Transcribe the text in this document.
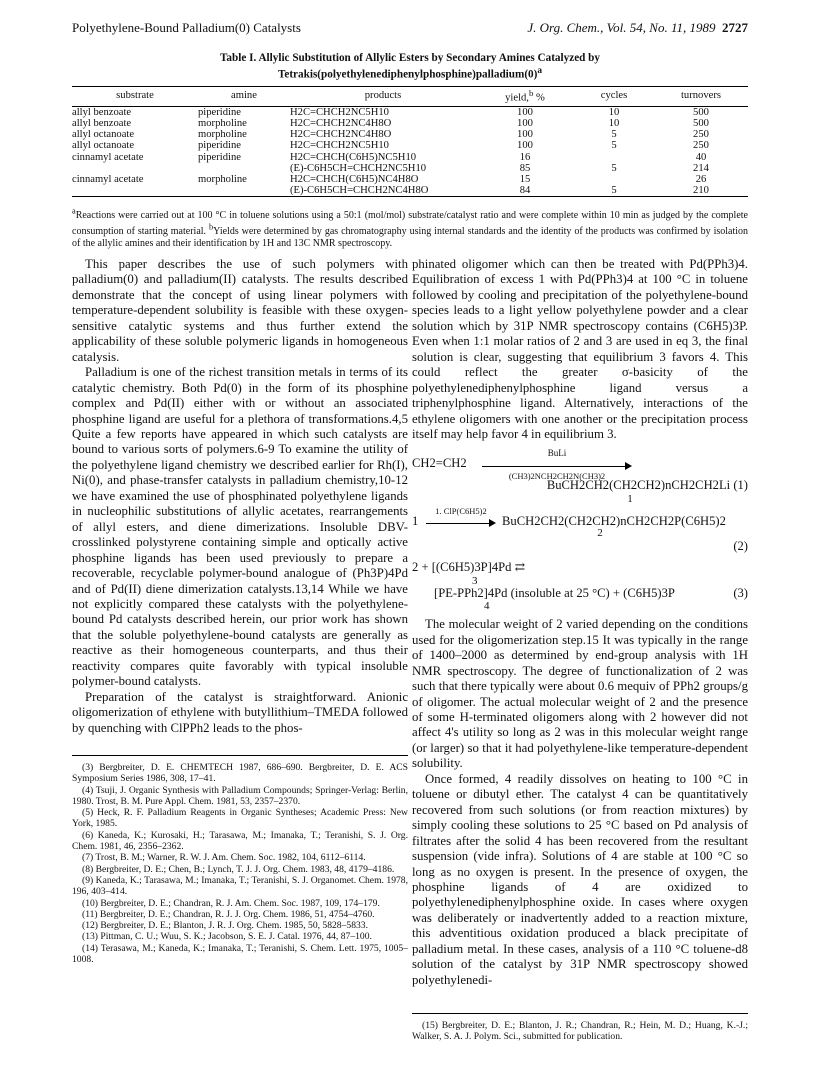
Polyethylene-Bound Palladium(0) Catalysts	J. Org. Chem., Vol. 54, No. 11, 1989 2727
Table I. Allylic Substitution of Allylic Esters by Secondary Amines Catalyzed by
$Tetrakis(polyethylenediphenylphosphine)palladium(0)^a$
substrate	amine	products	yield,$^b$ %	cycles	turnovers
allyl benzoate	piperidine	H2C=CHCH2NC5H10	100	10	500
allyl benzoate	morpholine	H2C=CHCH2NC4H8O	100	10	500
allyl octanoate	morpholine	H2C=CHCH2NC4H8O	100	5	250
allyl octanoate	piperidine	H2C=CHCH2NC5H10	100	5	250
cinnamyl acetate	piperidine	H2C=CHCH(C6H5)NC5H10	16		40
		(E)-C6H5CH=CHCH2NC5H10	85	5	214
cinnamyl acetate	morpholine	H2C=CHCH(C6H5)NC4H8O	15		26
		(E)-C6H5CH=CHCH2NC4H8O	84	5	210
$^a$Reactions were carried out at 100 °C in toluene solutions using a 50:1 (mol/mol) substrate/catalyst ratio and were complete within 10 min as judged by the complete consumption of starting material. $^b$Yields were determined by gas chromatography using internal standards and the identity of the products was confirmed by isolation of the allylic amines and their identification by 1H and 13C NMR spectroscopy.

This paper describes the use of such polymers with palladium(0) and palladium(II) catalysts. The results described demonstrate that the concept of using linear polymers with temperature-dependent solubility is feasible with these oxygen-sensitive catalytic systems and thus further extend the applicability of these soluble polymeric ligands in homogeneous catalysis.

Palladium is one of the richest transition metals in terms of its catalytic chemistry. Both Pd(0) in the form of its phosphine complex and Pd(II) either with or without an associated phosphine ligand are useful for a plethora of transformations.4,5 Quite a few reports have appeared in which such catalysts are bound to various sorts of polymers.6-9 To examine the utility of the polyethylene ligand chemistry we described earlier for Rh(I), Ni(0), and phase-transfer catalysts in palladium chemistry,10-12 we have examined the use of phosphinated polyethylene ligands in nucleophilic substitutions of allylic acetates, rearrangements of allyl esters, and diene dimerizations. Insoluble DBV-crosslinked polystyrene containing simple and optically active phosphine ligands has been used previously to prepare a recoverable, recyclable polymer-bound analogue of (Ph3P)4Pd and of Pd(II) diene dimerization catalysts.13,14 While we have not explicitly compared these catalysts with the polyethylene-bound Pd catalysts described herein, our prior work has shown that the soluble polyethylene-bound catalysts are generally as reactive as their homogeneous counterparts, and thus their reactivity compares quite favorably with typical insoluble polymer-bound catalysts.

Preparation of the catalyst is straightforward. Anionic oligomerization of ethylene with butyllithium–TMEDA followed by quenching with ClPPh2 leads to the phos-

(3) Bergbreiter, D. E. CHEMTECH 1987, 686–690. Bergbreiter, D. E. ACS Symposium Series 1986, 308, 17–41.
(4) Tsuji, J. Organic Synthesis with Palladium Compounds; Springer-Verlag: Berlin, 1980. Trost, B. M. Pure Appl. Chem. 1981, 53, 2357–2370.
(5) Heck, R. F. Palladium Reagents in Organic Syntheses; Academic Press: New York, 1985.
(6) Kaneda, K.; Kurosaki, H.; Tarasawa, M.; Imanaka, T.; Teranishi, S. J. Org. Chem. 1981, 46, 2356–2362.
(7) Trost, B. M.; Warner, R. W. J. Am. Chem. Soc. 1982, 104, 6112–6114.
(8) Bergbreiter, D. E.; Chen, B.; Lynch, T. J. J. Org. Chem. 1983, 48, 4179–4186.
(9) Kaneda, K.; Tarasawa, M.; Imanaka, T.; Teranishi, S. J. Organomet. Chem. 1978, 196, 403–414.
(10) Bergbreiter, D. E.; Chandran, R. J. Am. Chem. Soc. 1987, 109, 174–179.
(11) Bergbreiter, D. E.; Chandran, R. J. J. Org. Chem. 1986, 51, 4754–4760.
(12) Bergbreiter, D. E.; Blanton, J. R. J. Org. Chem. 1985, 50, 5828–5833.
(13) Pittman, C. U.; Wuu, S. K.; Jacobson, S. E. J. Catal. 1976, 44, 87–100.
(14) Terasawa, M.; Kaneda, K.; Imanaka, T.; Teranishi, S. Chem. Lett. 1975, 1005–1008.

phinated oligomer which can then be treated with Pd(PPh3)4. Equilibration of excess 1 with Pd(PPh3)4 at 100 °C in toluene followed by cooling and precipitation of the polyethylene-bound species leads to a light yellow polyethylene powder and a clear solution which by 31P NMR spectroscopy contains (C6H5)3P. Even when 1:1 molar ratios of 2 and 3 are used in eq 3, the final solution is clear, suggesting that equilibrium 3 favors 4. This could reflect the greater σ-basicity of the polyethylenediphenylphosphine ligand versus a triphenylphosphine ligand. Alternatively, interactions of the ethylene oligomers with one another or the precipitation process itself may help favor 4 in equilibrium 3.

CH2=CH2
BuLi
(CH3)2NCH2CH2N(CH3)2
BuCH2CH2(CH2CH2)nCH2CH2Li (1)
1
1
1. ClP(C6H5)2
BuCH2CH2(CH2CH2)nCH2CH2P(C6H5)2
2
(2)
2 + [(C6H5)3P]4Pd ⇄
3
[PE-PPh2]4Pd (insoluble at 25 °C) + (C6H5)3P	(3)
4

The molecular weight of 2 varied depending on the conditions used for the oligomerization step.15 It was typically in the range of 1400–2000 as determined by end-group analysis with 1H NMR spectroscopy. The degree of functionalization of 2 was such that there typically were about 0.6 mequiv of PPh2 groups/g of oligomer. The actual molecular weight of 2 and the presence of some H-terminated oligomers along with 2 however did not affect 4's utility so long as 2 was in this molecular weight range (or larger) so that it had polyethylene-like temperature-dependent solubility.

Once formed, 4 readily dissolves on heating to 100 °C in toluene or dibutyl ether. The catalyst 4 can be quantitatively recovered from such solutions (or from reaction mixtures) by simply cooling these solutions to 25 °C based on Pd analysis of filtrates after the solid 4 has been recovered from the resultant suspension (vide infra). Solutions of 4 are stable at 100 °C so long as no oxygen is present. In the presence of oxygen, the phosphine ligands of 4 are oxidized to polyethylenediphenylphosphine oxide. In cases where oxygen was deliberately or inadvertently added to a reaction mixture, this adventitious oxidation produced a black precipitate of palladium metal. In these cases, analysis of a 110 °C toluene-d8 solution of the catalyst by 31P NMR spectroscopy showed polyethylenedi-

(15) Bergbreiter, D. E.; Blanton, J. R.; Chandran, R.; Hein, M. D.; Huang, K.-J.; Walker, S. A. J. Polym. Sci., submitted for publication.
